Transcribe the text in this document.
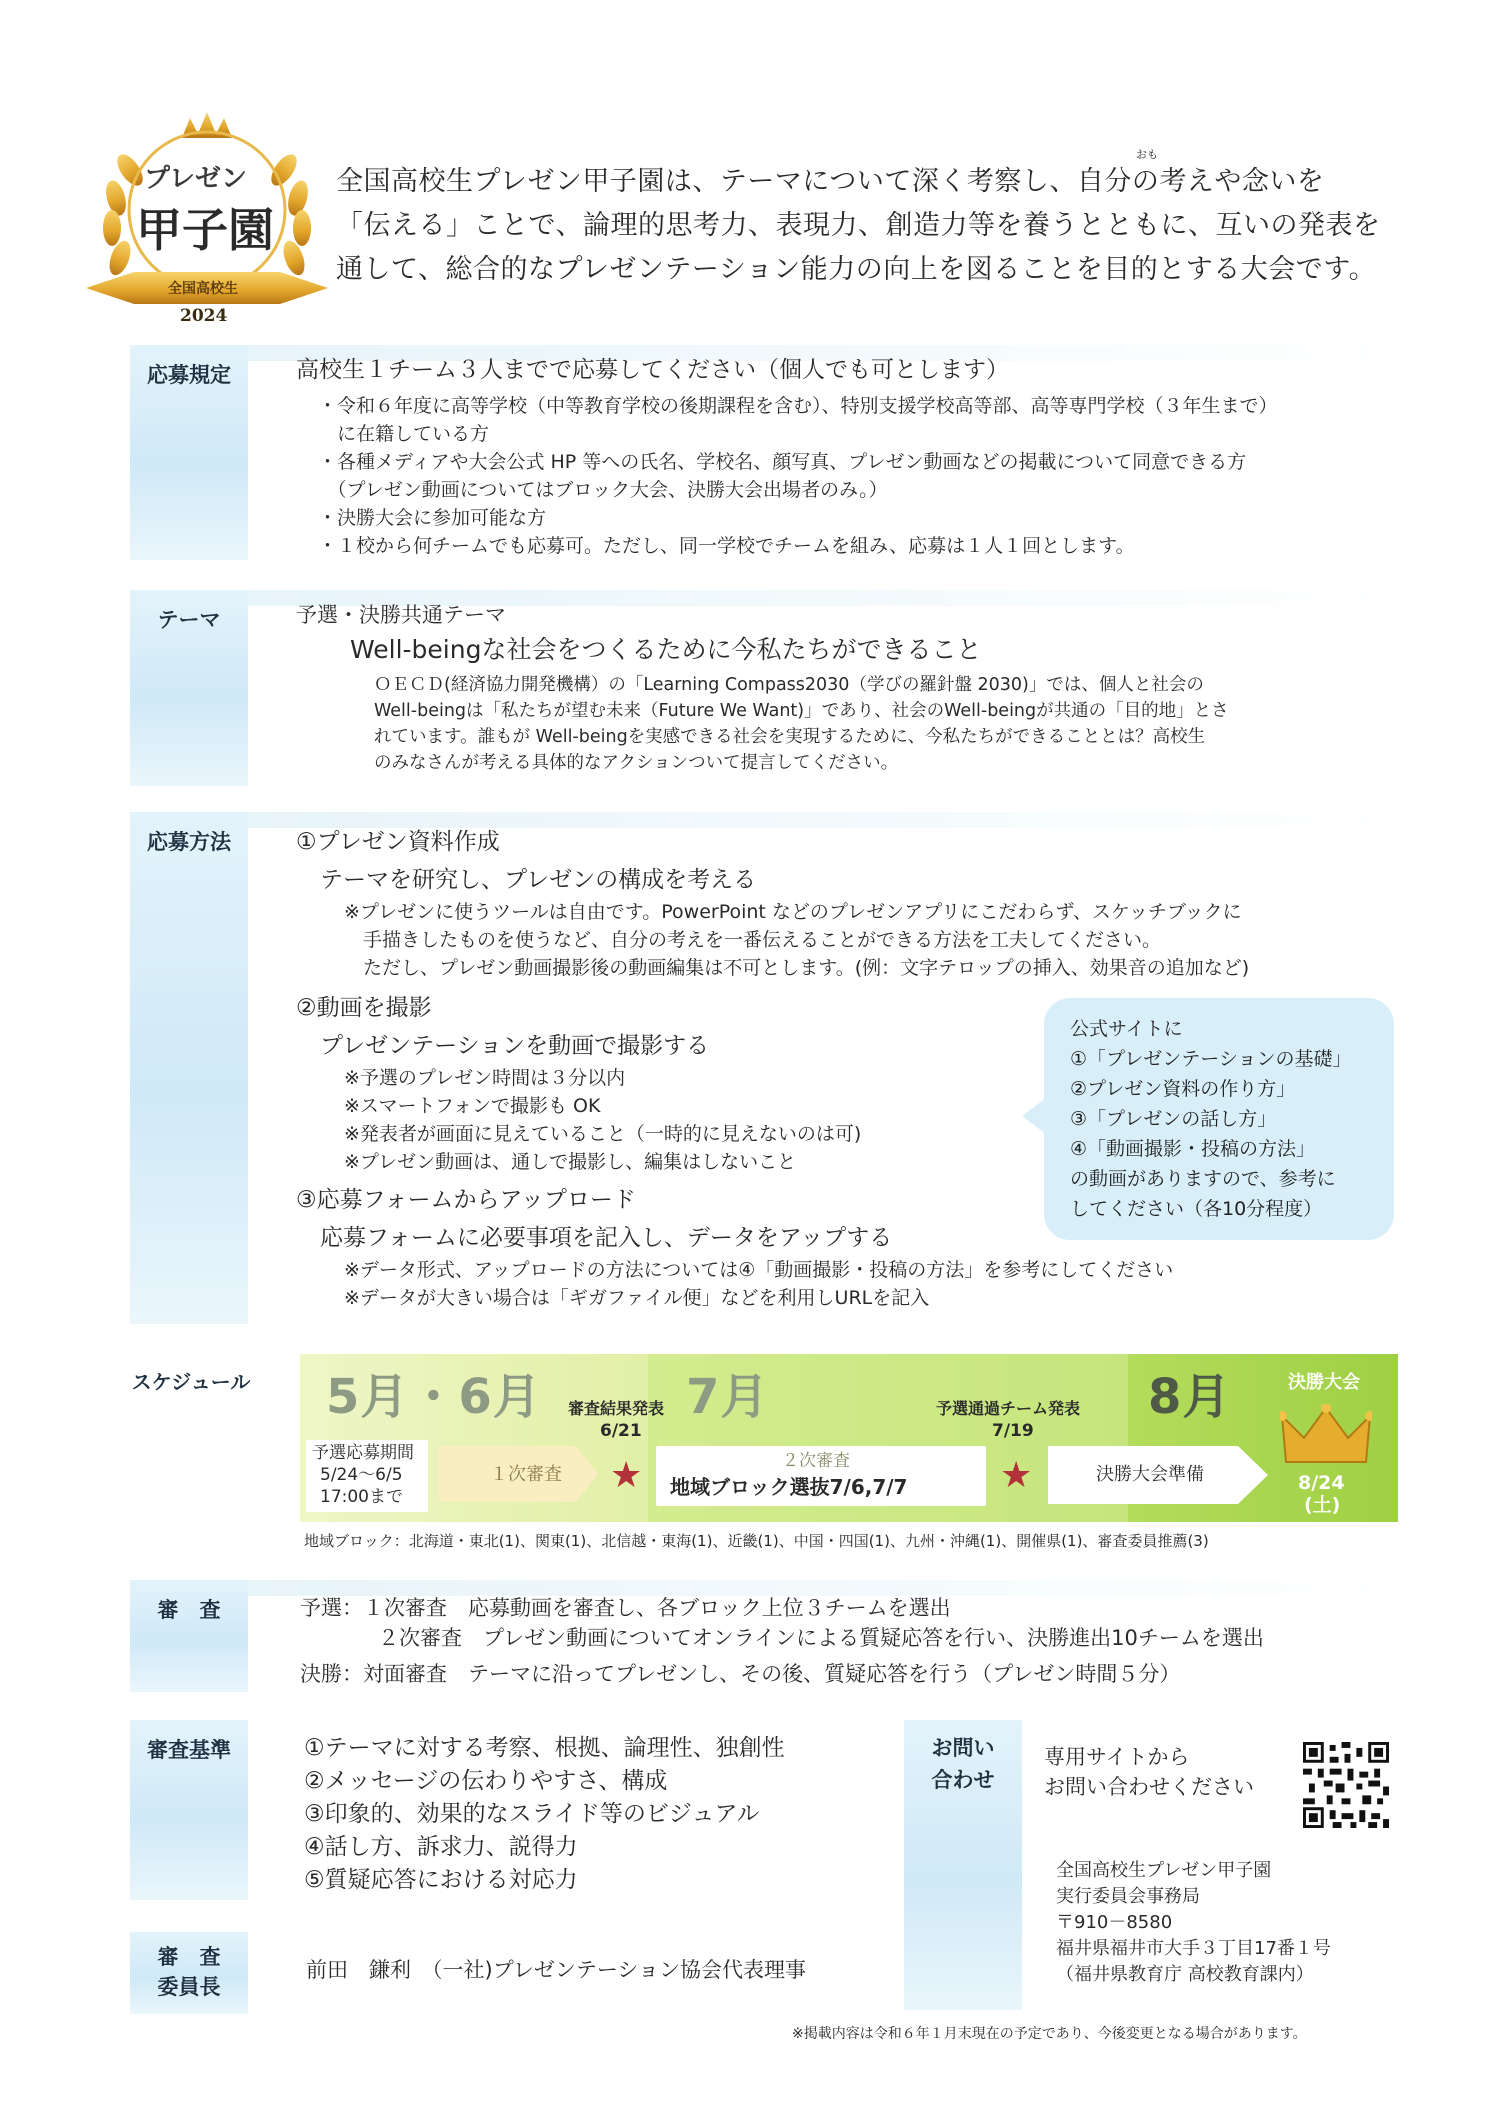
プレゼン
甲子園
全国高校生
2024
おも
全国高校生プレゼン甲子園は、テーマについて深く考察し、自分の考えや念いを
「伝える」ことで、論理的思考力、表現力、創造力等を養うとともに、互いの発表を
通して、総合的なプレゼンテーション能力の向上を図ることを目的とする大会です。
応募規定	高校生１チーム３人までで応募してください（個人でも可とします）
・令和６年度に高等学校（中等教育学校の後期課程を含む）、特別支援学校高等部、高等専門学校（３年生まで）
　に在籍している方
・各種メディアや大会公式 HP 等への氏名、学校名、顔写真、プレゼン動画などの掲載について同意できる方
　（プレゼン動画についてはブロック大会、決勝大会出場者のみ。）
・決勝大会に参加可能な方
・１校から何チームでも応募可。ただし、同一学校でチームを組み、応募は１人１回とします。
テーマ	予選・決勝共通テーマ
Well-beingな社会をつくるために今私たちができること
ＯＥＣＤ(経済協力開発機構）の「Learning Compass2030（学びの羅針盤 2030)」では、個人と社会の
Well-beingは「私たちが望む未来（Future We Want)」であり、社会のWell-beingが共通の「目的地」とさ
れています。誰もが Well-beingを実感できる社会を実現するために、今私たちができることとは？高校生
のみなさんが考える具体的なアクションついて提言してください。
応募方法	①プレゼン資料作成
テーマを研究し、プレゼンの構成を考える
※プレゼンに使うツールは自由です。PowerPoint などのプレゼンアプリにこだわらず、スケッチブックに
　手描きしたものを使うなど、自分の考えを一番伝えることができる方法を工夫してください。
　ただし、プレゼン動画撮影後の動画編集は不可とします。(例：文字テロップの挿入、効果音の追加など)
②動画を撮影
プレゼンテーションを動画で撮影する
※予選のプレゼン時間は３分以内
※スマートフォンで撮影も OK
※発表者が画面に見えていること（一時的に見えないのは可)
※プレゼン動画は、通しで撮影し、編集はしないこと
③応募フォームからアップロード
応募フォームに必要事項を記入し、データをアップする
※データ形式、アップロードの方法については④「動画撮影・投稿の方法」を参考にしてください
※データが大きい場合は「ギガファイル便」などを利用しURLを記入
公式サイトに
①「プレゼンテーションの基礎」
②プレゼン資料の作り方」
③「プレゼンの話し方」
④「動画撮影・投稿の方法」
の動画がありますので、参考に
してください（各10分程度）
スケジュール 5月・6月	7月	8月
予選応募期間
5/24〜6/5
17:00まで
１次審査
審査結果発表
6/21
★	２次審査
地域ブロック選抜7/6,7/7
予選通過チーム発表
7/19
★	決勝大会準備
決勝大会
8/24
(土)
地域ブロック：北海道・東北(1)、関東(1)、北信越・東海(1)、近畿(1)、中国・四国(1)、九州・沖縄(1)、開催県(1)、審査委員推薦(3)
審　査	予選：１次審査　応募動画を審査し、各ブロック上位３チームを選出
２次審査　プレゼン動画についてオンラインによる質疑応答を行い、決勝進出10チームを選出
決勝：対面審査　テーマに沿ってプレゼンし、その後、質疑応答を行う（プレゼン時間５分）
審査基準	①テーマに対する考察、根拠、論理性、独創性
②メッセージの伝わりやすさ、構成
③印象的、効果的なスライド等のビジュアル
④話し方、訴求力、説得力
⑤質疑応答における対応力
審　査
委員長
前田　鎌利　（一社)プレゼンテーション協会代表理事
お問い
合わせ
専用サイトから
お問い合わせください
全国高校生プレゼン甲子園
実行委員会事務局
〒910－8580
福井県福井市大手３丁目17番１号
（福井県教育庁 高校教育課内）
※掲載内容は令和６年１月末現在の予定であり、今後変更となる場合があります。
